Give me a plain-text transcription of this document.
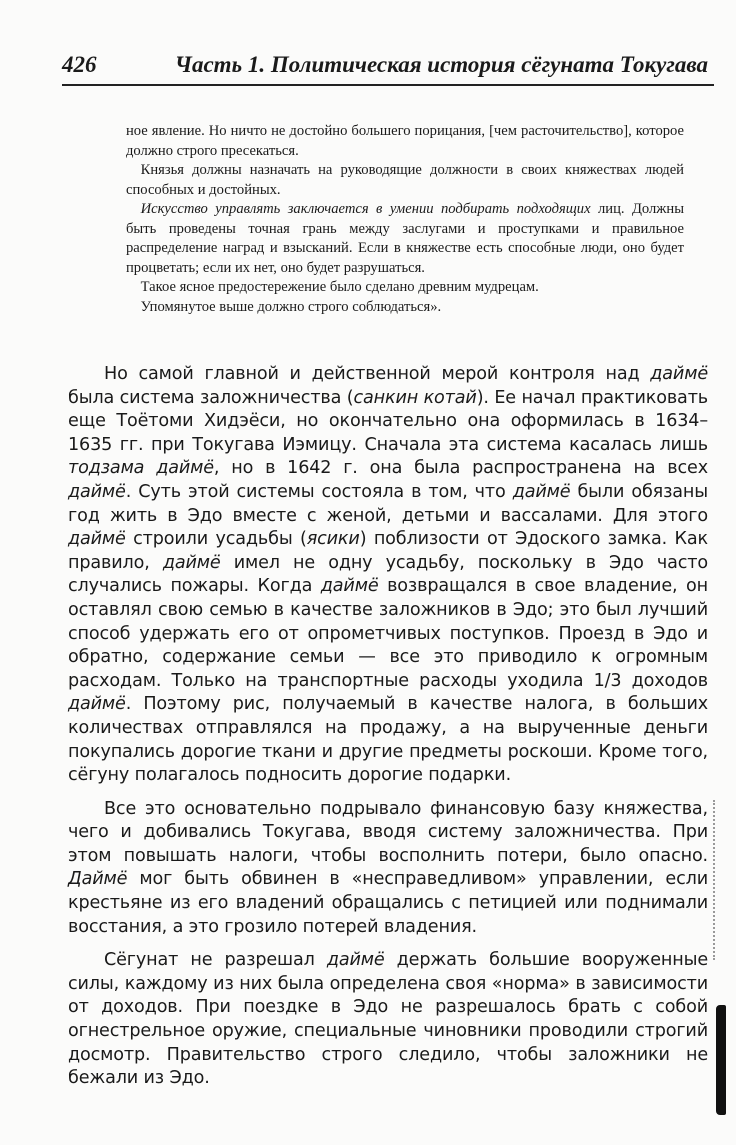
426	Часть 1. Политическая история сёгуната Токугава

ное явление. Но ничто не достойно большего порицания, [чем расточительство], которое должно строго пресекаться.

 Князья должны назначать на руководящие должности в своих княжествах людей способных и достойных.

 Искусство управлять заключается в умении подбирать подходящих лиц. Должны быть проведены точная грань между заслугами и проступками и правильное распределение наград и взысканий. Если в княжестве есть способные люди, оно будет процветать; если их нет, оно будет разрушаться.

 Такое ясное предостережение было сделано древним мудрецам.

 Упомянутое выше должно строго соблюдаться».

Но самой главной и действенной мерой контроля над даймё была система заложничества (санкин котай). Ее начал практиковать еще Тоётоми Хидэёси, но окончательно она оформилась в 1634–1635 гг. при Токугава Иэмицу. Сначала эта система касалась лишь тодзама даймё, но в 1642 г. она была распространена на всех даймё. Суть этой системы состояла в том, что даймё были обязаны год жить в Эдо вместе с женой, детьми и вассалами. Для этого даймё строили усадьбы (ясики) поблизости от Эдоского замка. Как правило, даймё имел не одну усадьбу, поскольку в Эдо часто случались пожары. Когда даймё возвращался в свое владение, он оставлял свою семью в качестве заложников в Эдо; это был лучший способ удержать его от опрометчивых поступков. Проезд в Эдо и обратно, содержание семьи — все это приводило к огромным расходам. Только на транспортные расходы уходила 1/3 доходов даймё. Поэтому рис, получаемый в качестве налога, в больших количествах отправлялся на продажу, а на вырученные деньги покупались дорогие ткани и другие предметы роскоши. Кроме того, сёгуну полагалось подносить дорогие подарки.

Все это основательно подрывало финансовую базу княжества, чего и добивались Токугава, вводя систему заложничества. При этом повышать налоги, чтобы восполнить потери, было опасно. Даймё мог быть обвинен в «несправедливом» управлении, если крестьяне из его владений обращались с петицией или поднимали восстания, а это грозило потерей владения.

Сёгунат не разрешал даймё держать большие вооруженные силы, каждому из них была определена своя «норма» в зависимости от доходов. При поездке в Эдо не разрешалось брать с собой огнестрельное оружие, специальные чиновники проводили строгий досмотр. Правительство строго следило, чтобы заложники не бежали из Эдо.
